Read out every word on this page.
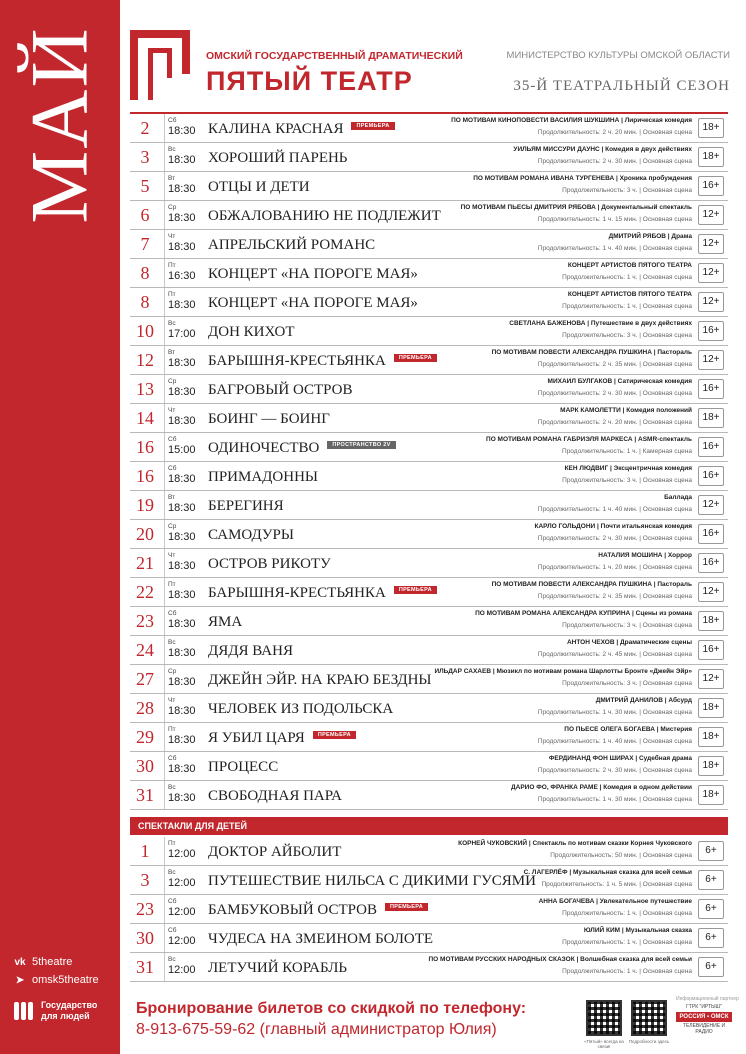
МАЙ
vk 5theatre
➤ omsk5theatre
Государство
для людей
ОМСКИЙ ГОСУДАРСТВЕННЫЙ ДРАМАТИЧЕСКИЙ
ПЯТЫЙ ТЕАТР
МИНИСТЕРСТВО КУЛЬТУРЫ ОМСКОЙ ОБЛАСТИ
35-Й ТЕАТРАЛЬНЫЙ СЕЗОН
2	Сб
18:30 КАЛИНА КРАСНАЯ ПРЕМЬЕРА
ПО МОТИВАМ КИНОПОВЕСТИ ВАСИЛИЯ ШУКШИНА | Лирическая комедия
Продолжительность: 2 ч. 20 мин. | Основная сцена	18+
3	Вс
18:30 ХОРОШИЙ ПАРЕНЬ
УИЛЬЯМ МИССУРИ ДАУНС | Комедия в двух действиях
Продолжительность: 2 ч. 30 мин. | Основная сцена	18+
5	Вт
18:30 ОТЦЫ И ДЕТИ
ПО МОТИВАМ РОМАНА ИВАНА ТУРГЕНЕВА | Хроника пробуждения
Продолжительность: 3 ч. | Основная сцена	16+
6	Ср
18:30 ОБЖАЛОВАНИЮ НЕ ПОДЛЕЖИТ
ПО МОТИВАМ ПЬЕСЫ ДМИТРИЯ РЯБОВА | Документальный спектакль
Продолжительность: 1 ч. 15 мин. | Основная сцена	12+
7	Чт
18:30 АПРЕЛЬСКИЙ РОМАНС
ДМИТРИЙ РЯБОВ | Драма
Продолжительность: 1 ч. 40 мин. | Основная сцена	12+
8	Пт
16:30 КОНЦЕРТ «НА ПОРОГЕ МАЯ»
КОНЦЕРТ АРТИСТОВ ПЯТОГО ТЕАТРА
Продолжительность: 1 ч. | Основная сцена	12+
8	Пт
18:30 КОНЦЕРТ «НА ПОРОГЕ МАЯ»
КОНЦЕРТ АРТИСТОВ ПЯТОГО ТЕАТРА
Продолжительность: 1 ч. | Основная сцена	12+
10	Вс
17:00 ДОН КИХОТ
СВЕТЛАНА БАЖЕНОВА | Путешествие в двух действиях
Продолжительность: 3 ч. | Основная сцена	16+
12	Вт
18:30 БАРЫШНЯ-КРЕСТЬЯНКА ПРЕМЬЕРА
ПО МОТИВАМ ПОВЕСТИ АЛЕКСАНДРА ПУШКИНА | Пастораль
Продолжительность: 2 ч. 35 мин. | Основная сцена	12+
13	Ср
18:30 БАГРОВЫЙ ОСТРОВ
МИХАИЛ БУЛГАКОВ | Сатирическая комедия
Продолжительность: 2 ч. 30 мин. | Основная сцена	16+
14	Чт
18:30 БОИНГ — БОИНГ
МАРК КАМОЛЕТТИ | Комедия положений
Продолжительность: 2 ч. 20 мин. | Основная сцена	18+
16	Сб
15:00 ОДИНОЧЕСТВО ПРОСТРАНСТВО 2V
ПО МОТИВАМ РОМАНА ГАБРИЭЛЯ МАРКЕСА | ASMR-спектакль
Продолжительность: 1 ч. | Камерная сцена	16+
16	Сб
18:30 ПРИМАДОННЫ
КЕН ЛЮДВИГ | Эксцентричная комедия
Продолжительность: 3 ч. | Основная сцена	16+
19	Вт
18:30 БЕРЕГИНЯ
Баллада
Продолжительность: 1 ч. 40 мин. | Основная сцена	12+
20	Ср
18:30 САМОДУРЫ
КАРЛО ГОЛЬДОНИ | Почти итальянская комедия
Продолжительность: 2 ч. 30 мин. | Основная сцена	16+
21	Чт
18:30 ОСТРОВ РИКОТУ
НАТАЛИЯ МОШИНА | Хоррор
Продолжительность: 1 ч. 20 мин. | Основная сцена	16+
22	Пт
18:30 БАРЫШНЯ-КРЕСТЬЯНКА ПРЕМЬЕРА
ПО МОТИВАМ ПОВЕСТИ АЛЕКСАНДРА ПУШКИНА | Пастораль
Продолжительность: 2 ч. 35 мин. | Основная сцена	12+
23	Сб
18:30 ЯМА
ПО МОТИВАМ РОМАНА АЛЕКСАНДРА КУПРИНА | Сцены из романа
Продолжительность: 3 ч. | Основная сцена	18+
24	Вс
18:30 ДЯДЯ ВАНЯ
АНТОН ЧЕХОВ | Драматические сцены
Продолжительность: 2 ч. 45 мин. | Основная сцена	16+
27	Ср
18:30 ДЖЕЙН ЭЙР. НА КРАЮ БЕЗДНЫ
ИЛЬДАР САХАЕВ | Мюзикл по мотивам романа Шарлотты Бронте «Джейн Эйр»
Продолжительность: 3 ч. | Основная сцена	12+
28	Чт
18:30 ЧЕЛОВЕК ИЗ ПОДОЛЬСКА
ДМИТРИЙ ДАНИЛОВ | Абсурд
Продолжительность: 1 ч. 30 мин. | Основная сцена	18+
29	Пт
18:30 Я УБИЛ ЦАРЯ ПРЕМЬЕРА
ПО ПЬЕСЕ ОЛЕГА БОГАЕВА | Мистерия
Продолжительность: 1 ч. 40 мин. | Основная сцена	18+
30	Сб
18:30 ПРОЦЕСС
ФЕРДИНАНД ФОН ШИРАХ | Судебная драма
Продолжительность: 2 ч. 30 мин. | Основная сцена	18+
31	Вс
18:30 СВОБОДНАЯ ПАРА
ДАРИО ФО, ФРАНКА РАМЕ | Комедия в одном действии
Продолжительность: 1 ч. 30 мин. | Основная сцена	18+
СПЕКТАКЛИ ДЛЯ ДЕТЕЙ
1	Пт
12:00 ДОКТОР АЙБОЛИТ
КОРНЕЙ ЧУКОВСКИЙ | Спектакль по мотивам сказки Корнея Чуковского
Продолжительность: 50 мин. | Основная сцена	6+
3	Вс
12:00 ПУТЕШЕСТВИЕ НИЛЬСА С ДИКИМИ ГУСЯМИ
С. ЛАГЕРЛЁФ | Музыкальная сказка для всей семьи
Продолжительность: 1 ч. 5 мин. | Основная сцена	6+
23	Сб
12:00 БАМБУКОВЫЙ ОСТРОВ ПРЕМЬЕРА
АННА БОГАЧЕВА | Увлекательное путешествие
Продолжительность: 1 ч. | Основная сцена	6+
30	Сб
12:00 ЧУДЕСА НА ЗМЕИНОМ БОЛОТЕ
ЮЛИЙ КИМ | Музыкальная сказка
Продолжительность: 1 ч. | Основная сцена	6+
31	Вс
12:00 ЛЕТУЧИЙ КОРАБЛЬ
ПО МОТИВАМ РУССКИХ НАРОДНЫХ СКАЗОК | Волшебная сказка для всей семьи
Продолжительность: 1 ч. | Основная сцена	6+
Бронирование билетов со скидкой по телефону:
8-913-675-59-62 (главный администратор Юлия)
«Пятый» всегда на связи!
Подробности здесь
Информационный партнер
ГТРК "ИРТЫШ"
РОССИЯ ▪ ОМСК
ТЕЛЕВИДЕНИЕ И РАДИО
